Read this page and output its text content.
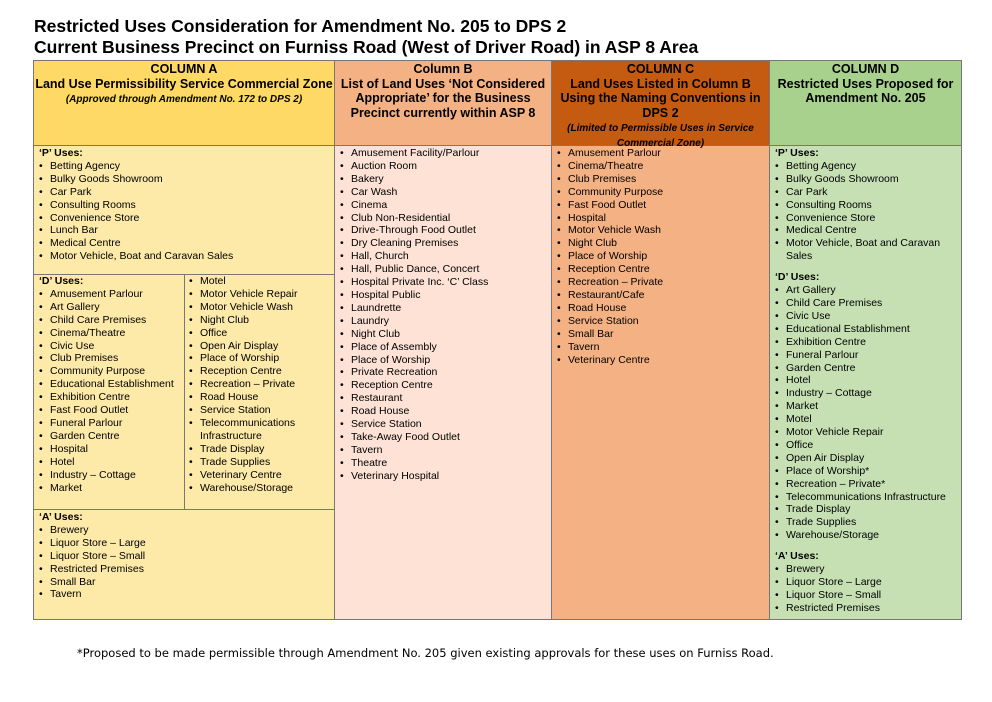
Restricted Uses Consideration for Amendment No. 205 to DPS 2
Current Business Precinct on Furniss Road (West of Driver Road) in ASP 8 Area
COLUMN A
Land Use Permissibility Service Commercial Zone
(Approved through Amendment No. 172 to DPS 2)
‘P’ Uses:
• Betting Agency
• Bulky Goods Showroom
• Car Park
• Consulting Rooms
• Convenience Store
• Lunch Bar
• Medical Centre
• Motor Vehicle, Boat and Caravan Sales
‘D’ Uses:
• Amusement Parlour
• Art Gallery
• Child Care Premises
• Cinema/Theatre
• Civic Use
• Club Premises
• Community Purpose
• Educational Establishment
• Exhibition Centre
• Fast Food Outlet
• Funeral Parlour
• Garden Centre
• Hospital
• Hotel
• Industry – Cottage
• Market
• Motel
• Motor Vehicle Repair
• Motor Vehicle Wash
• Night Club
• Office
• Open Air Display
• Place of Worship
• Reception Centre
• Recreation – Private
• Road House
• Service Station
• Telecommunications Infrastructure
• Trade Display
• Trade Supplies
• Veterinary Centre
• Warehouse/Storage
‘A’ Uses:
• Brewery
• Liquor Store – Large
• Liquor Store – Small
• Restricted Premises
• Small Bar
• Tavern
Column B
List of Land Uses ‘Not Considered Appropriate’ for the Business Precinct currently within ASP 8
• Amusement Facility/Parlour
• Auction Room
• Bakery
• Car Wash
• Cinema
• Club Non-Residential
• Drive-Through Food Outlet
• Dry Cleaning Premises
• Hall, Church
• Hall, Public Dance, Concert
• Hospital Private Inc. ‘C’ Class
• Hospital Public
• Laundrette
• Laundry
• Night Club
• Place of Assembly
• Place of Worship
• Private Recreation
• Reception Centre
• Restaurant
• Road House
• Service Station
• Take-Away Food Outlet
• Tavern
• Theatre
• Veterinary Hospital
COLUMN C
Land Uses Listed in Column B Using the Naming Conventions in DPS 2
(Limited to Permissible Uses in Service Commercial Zone)
• Amusement Parlour
• Cinema/Theatre
• Club Premises
• Community Purpose
• Fast Food Outlet
• Hospital
• Motor Vehicle Wash
• Night Club
• Place of Worship
• Reception Centre
• Recreation – Private
• Restaurant/Cafe
• Road House
• Service Station
• Small Bar
• Tavern
• Veterinary Centre
COLUMN D
Restricted Uses Proposed for Amendment No. 205
‘P’ Uses:
• Betting Agency
• Bulky Goods Showroom
• Car Park
• Consulting Rooms
• Convenience Store
• Medical Centre
• Motor Vehicle, Boat and Caravan Sales
‘D’ Uses:
• Art Gallery
• Child Care Premises
• Civic Use
• Educational Establishment
• Exhibition Centre
• Funeral Parlour
• Garden Centre
• Hotel
• Industry – Cottage
• Market
• Motel
• Motor Vehicle Repair
• Office
• Open Air Display
• Place of Worship*
• Recreation – Private*
• Telecommunications Infrastructure
• Trade Display
• Trade Supplies
• Warehouse/Storage
‘A’ Uses:
• Brewery
• Liquor Store – Large
• Liquor Store – Small
• Restricted Premises
*Proposed to be made permissible through Amendment No. 205 given existing approvals for these uses on Furniss Road.
